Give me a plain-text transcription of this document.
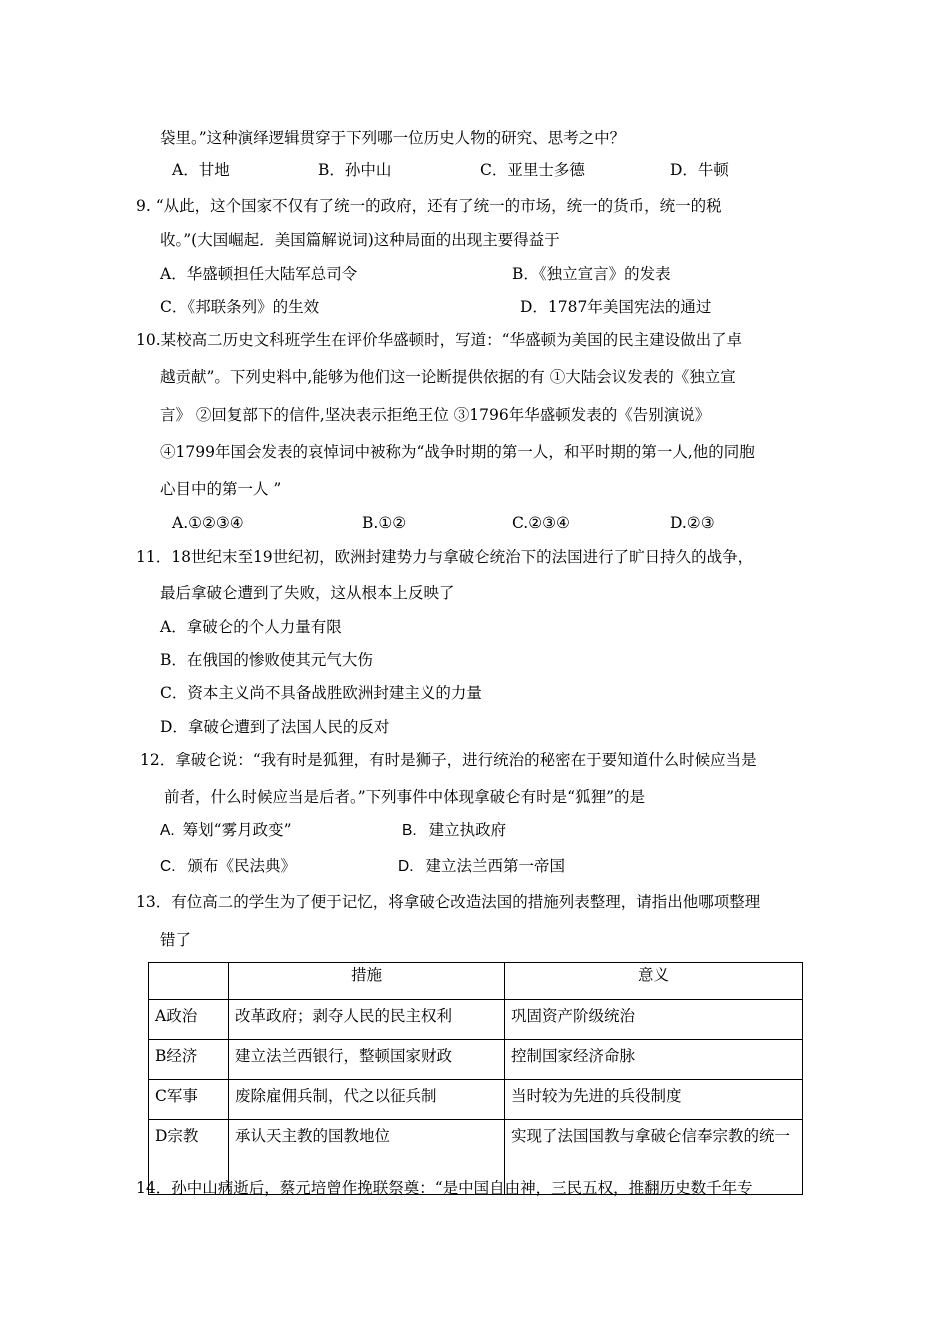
袋里。”这种演绎逻辑贯穿于下列哪一位历史人物的研究、思考之中？
A．甘地	B．孙中山	C．亚里士多德	D．牛顿
9. “从此，这个国家不仅有了统一的政府，还有了统一的市场，统一的货币，统一的税
收。”(大国崛起．美国篇解说词)这种局面的出现主要得益于
A．华盛顿担任大陆军总司令	B．《独立宣言》的发表
C．《邦联条列》的生效	D．1787年美国宪法的通过
10.某校高二历史文科班学生在评价华盛顿时，写道：“华盛顿为美国的民主建设做出了卓
越贡献”。下列史料中,能够为他们这一论断提供依据的有 ①大陆会议发表的《独立宣
言》 ②回复部下的信件,坚决表示拒绝王位 ③1796年华盛顿发表的《告别演说》
④1799年国会发表的哀悼词中被称为“战争时期的第一人，和平时期的第一人,他的同胞
心目中的第一人 ”
A.①②③④	B.①②	C.②③④	D.②③
11．18世纪末至19世纪初，欧洲封建势力与拿破仑统治下的法国进行了旷日持久的战争，
最后拿破仑遭到了失败，这从根本上反映了
A．拿破仑的个人力量有限
B．在俄国的惨败使其元气大伤
C．资本主义尚不具备战胜欧洲封建主义的力量
D．拿破仑遭到了法国人民的反对
12．拿破仑说：“我有时是狐狸，有时是狮子，进行统治的秘密在于要知道什么时候应当是
前者，什么时候应当是后者。”下列事件中体现拿破仑有时是“狐狸”的是
A. 筹划“雾月政变”	B. 建立执政府
C. 颁布《民法典》	D. 建立法兰西第一帝国
13．有位高二的学生为了便于记忆，将拿破仑改造法国的措施列表整理，请指出他哪项整理
错了
	措施	意义
A政治	改革政府；剥夺人民的民主权利	巩固资产阶级统治
B经济	建立法兰西银行，整顿国家财政	控制国家经济命脉
C军事	废除雇佣兵制，代之以征兵制	当时较为先进的兵役制度
D宗教	承认天主教的国教地位	实现了法国国教与拿破仑信奉宗教的统一
14．孙中山病逝后，蔡元培曾作挽联祭奠：“是中国自由神，三民五权，推翻历史数千年专
